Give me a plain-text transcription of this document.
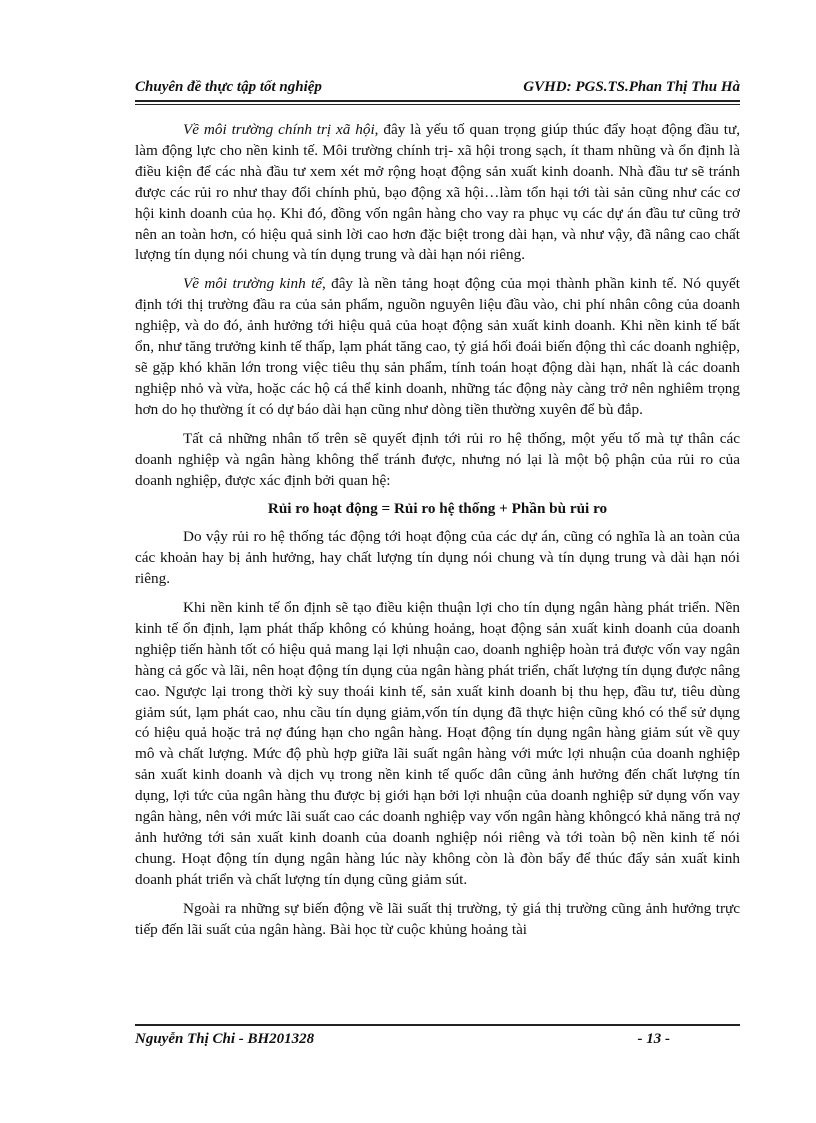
Chuyên đề thực tập tốt nghiệp	GVHD: PGS.TS.Phan Thị Thu Hà

Về môi trường chính trị xã hội, đây là yếu tố quan trọng giúp thúc đẩy hoạt động đầu tư, làm động lực cho nền kinh tế. Môi trường chính trị- xã hội trong sạch, ít tham nhũng và ổn định là điều kiện để các nhà đầu tư xem xét mở rộng hoạt động sản xuất kinh doanh. Nhà đầu tư sẽ tránh được các rủi ro như thay đổi chính phủ, bạo động xã hội…làm tổn hại tới tài sản cũng như các cơ hội kinh doanh của họ. Khi đó, đồng vốn ngân hàng cho vay ra phục vụ các dự án đầu tư cũng trở nên an toàn hơn, có hiệu quả sinh lời cao hơn đặc biệt trong dài hạn, và như vậy, đã nâng cao chất lượng tín dụng nói chung và tín dụng trung và dài hạn nói riêng.

Về môi trường kinh tế, đây là nền tảng hoạt động của mọi thành phần kinh tế. Nó quyết định tới thị trường đầu ra của sản phẩm, nguồn nguyên liệu đầu vào, chi phí nhân công của doanh nghiệp, và do đó, ảnh hưởng tới hiệu quả của hoạt động sản xuất kinh doanh. Khi nền kinh tế bất ổn, như tăng trưởng kinh tế thấp, lạm phát tăng cao, tỷ giá hối đoái biến động thì các doanh nghiệp, sẽ gặp khó khăn lớn trong việc tiêu thụ sản phẩm, tính toán hoạt động dài hạn, nhất là các doanh nghiệp nhỏ và vừa, hoặc các hộ cá thể kinh doanh, những tác động này càng trở nên nghiêm trọng hơn do họ thường ít có dự báo dài hạn cũng như dòng tiền thường xuyên để bù đắp.

Tất cả những nhân tố trên sẽ quyết định tới rủi ro hệ thống, một yếu tố mà tự thân các doanh nghiệp và ngân hàng không thể tránh được, nhưng nó lại là một bộ phận của rủi ro của doanh nghiệp, được xác định bởi quan hệ:

Rủi ro hoạt động = Rủi ro hệ thống + Phần bù rủi ro

Do vậy rủi ro hệ thống tác động tới hoạt động của các dự án, cũng có nghĩa là an toàn của các khoản hay bị ảnh hưởng, hay chất lượng tín dụng nói chung và tín dụng trung và dài hạn nói riêng.

Khi nền kinh tế ổn định sẽ tạo điều kiện thuận lợi cho tín dụng ngân hàng phát triển. Nền kinh tế ổn định, lạm phát thấp không có khủng hoảng, hoạt động sản xuất kinh doanh của doanh nghiệp tiến hành tốt có hiệu quả mang lại lợi nhuận cao, doanh nghiệp hoàn trả được vốn vay ngân hàng cả gốc và lãi, nên hoạt động tín dụng của ngân hàng phát triển, chất lượng tín dụng được nâng cao. Ngược lại trong thời kỳ suy thoái kinh tế, sản xuất kinh doanh bị thu hẹp, đầu tư, tiêu dùng giảm sút, lạm phát cao, nhu cầu tín dụng giảm,vốn tín dụng đã thực hiện cũng khó có thể sử dụng có hiệu quả hoặc trả nợ đúng hạn cho ngân hàng. Hoạt động tín dụng ngân hàng giảm sút về quy mô và chất lượng. Mức độ phù hợp giữa lãi suất ngân hàng với mức lợi nhuận của doanh nghiệp sản xuất kinh doanh và dịch vụ trong nền kinh tế quốc dân cũng ảnh hưởng đến chất lượng tín dụng, lợi tức của ngân hàng thu được bị giới hạn bởi lợi nhuận của doanh nghiệp sử dụng vốn vay ngân hàng, nên với mức lãi suất cao các doanh nghiệp vay vốn ngân hàng khôngcó khả năng trả nợ ảnh hưởng tới sản xuất kinh doanh của doanh nghiệp nói riêng và tới toàn bộ nền kinh tế nói chung. Hoạt động tín dụng ngân hàng lúc này không còn là đòn bẩy để thúc đẩy sản xuất kinh doanh phát triển và chất lượng tín dụng cũng giảm sút.

Ngoài ra những sự biến động về lãi suất thị trường, tỷ giá thị trường cũng ảnh hưởng trực tiếp đến lãi suất của ngân hàng. Bài học từ cuộc khủng hoảng tài

Nguyễn Thị Chi - BH201328	- 13 -
